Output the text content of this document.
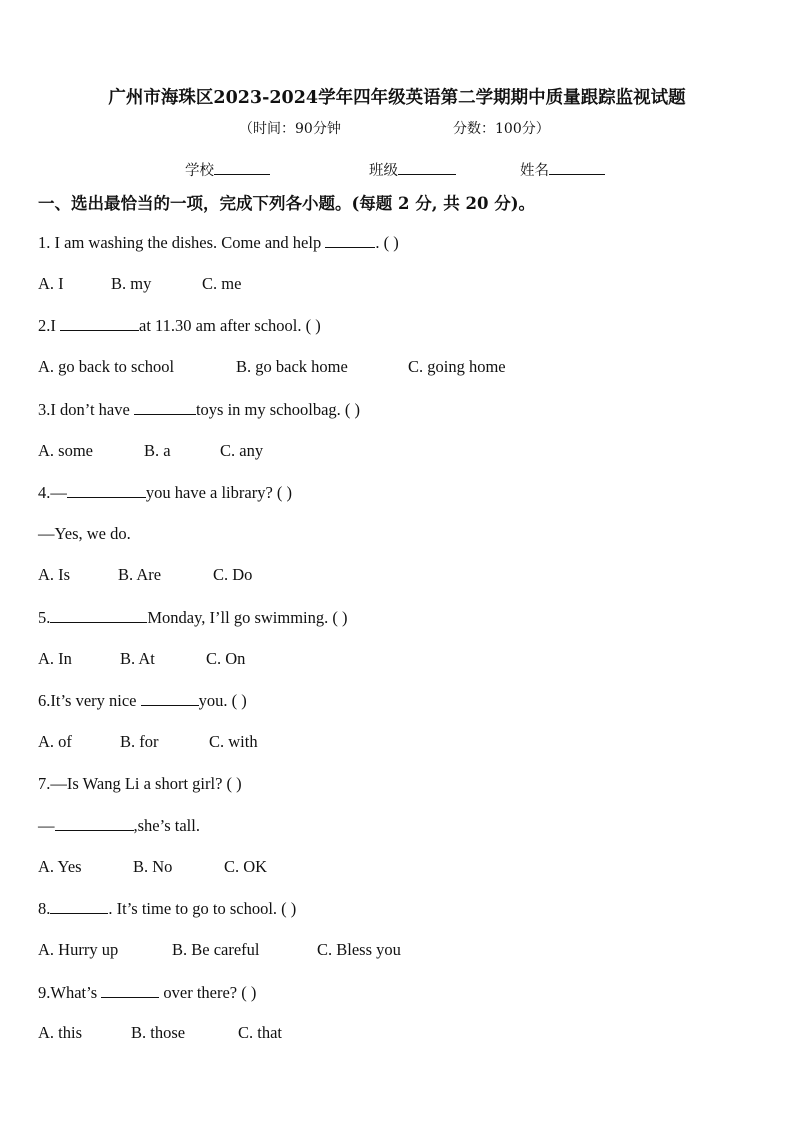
广州市海珠区2023-2024学年四年级英语第二学期期中质量跟踪监视试题
（时间：90分钟	分数：100分）
学校	班级	姓名
一、选出最恰当的一项，完成下列各小题。(每题 2 分, 共 20 分)。
1. I am washing the dishes. Come and help	. ( )
A. I	B. my	C. me
2.I	at 11.30 am after school. ( )
A. go back to school	B. go back home	C. going home
3.I don’t have	toys in my schoolbag. ( )
A. some	B. a	C. any
4.—	you have a library? ( )
—Yes, we do.
A. Is	B. Are	C. Do
5.	Monday, I’ll go swimming. ( )
A. In	B. At	C. On
6.It’s very nice	you. ( )
A. of	B. for	C. with
7.—Is Wang Li a short girl? ( )
—	,she’s tall.
A. Yes	B. No	C. OK
8.	. It’s time to go to school. ( )
A. Hurry up	B. Be careful	C. Bless you
9.What’s	over there? ( )
A. this	B. those	C. that
